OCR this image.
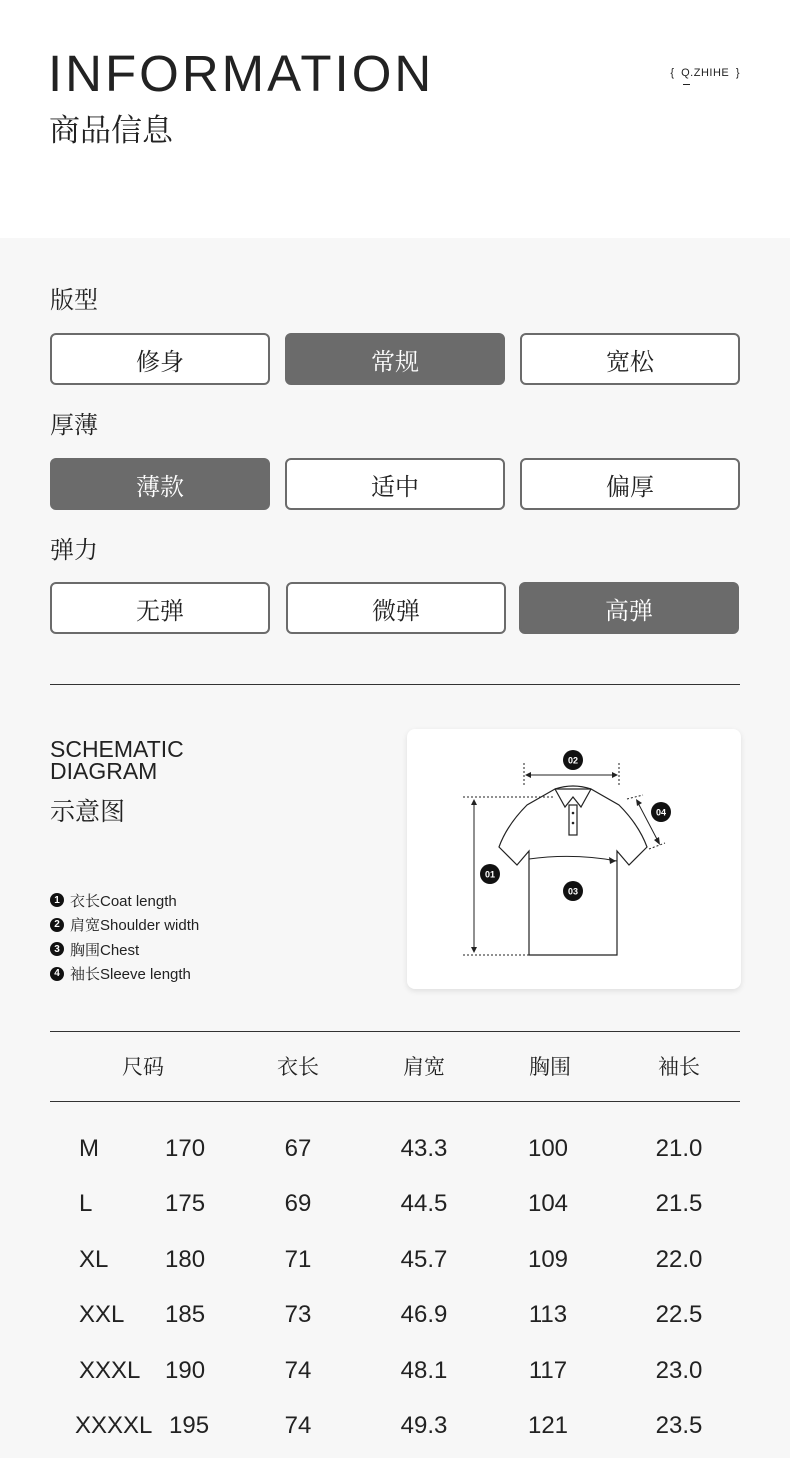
INFORMATION
商品信息
{ Q.ZHIHE }
版型
修身	常规	宽松
厚薄
薄款	适中	偏厚
弹力
无弹	微弹	高弹
SCHEMATIC
DIAGRAM
示意图
1 衣长Coat length
2 肩宽Shoulder width
3 胸围Chest
4 袖长Sleeve length
02
01
03
04
尺码	衣长	肩宽	胸围	袖长
M	170	67	43.3	100	21.0
L	175	69	44.5	104	21.5
XL 180	71	45.7	109	22.0
XXL 185	73	46.9	113	22.5
XXXL 190	74	48.1	117	23.0
XXXXL 195	74	49.3	121	23.5
